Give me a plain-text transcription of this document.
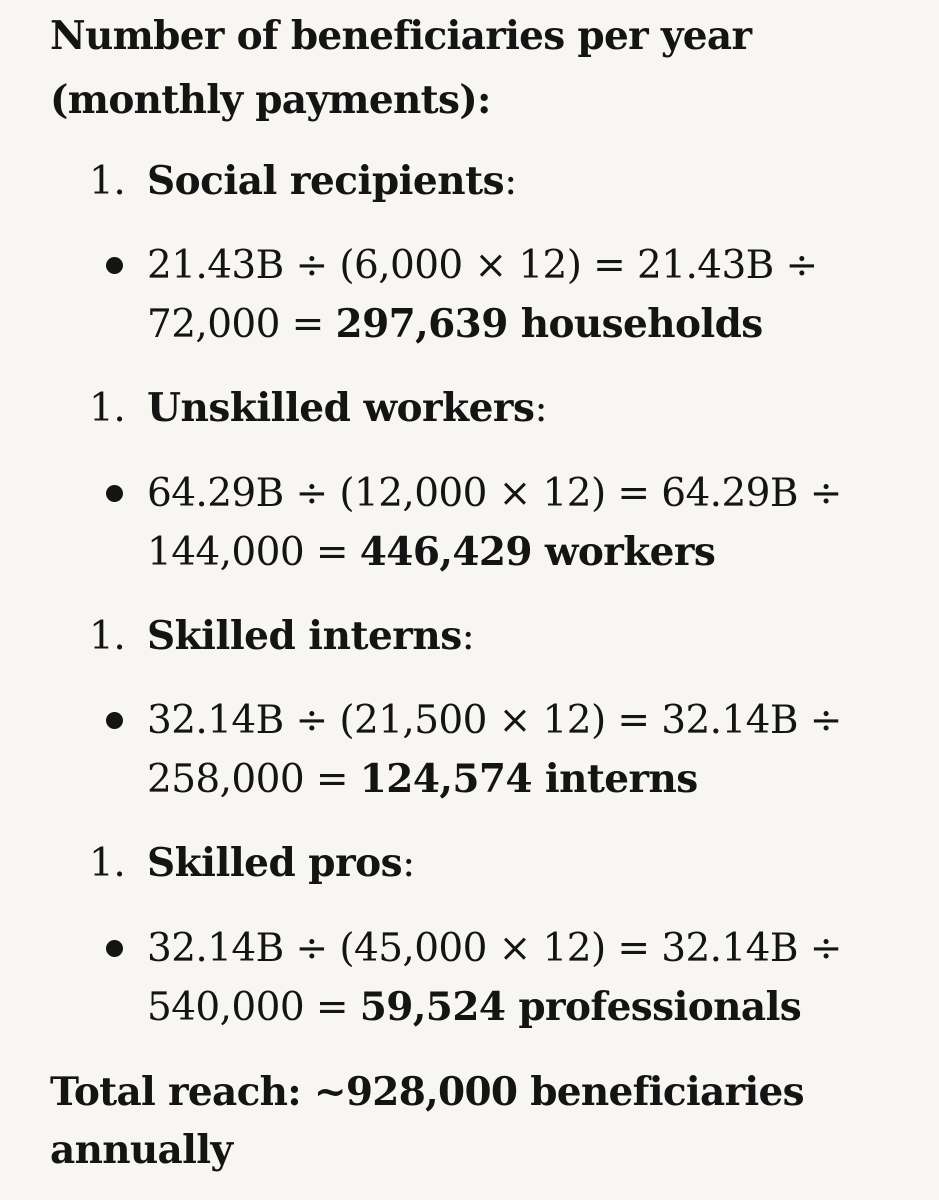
Number of beneficiaries per year (monthly payments):

1. Social recipients:

21.43B ÷ (6,000 × 12) = 21.43B ÷ 72,000 = 297,639 households

1. Unskilled workers:

64.29B ÷ (12,000 × 12) = 64.29B ÷ 144,000 = 446,429 workers

1. Skilled interns:

32.14B ÷ (21,500 × 12) = 32.14B ÷ 258,000 = 124,574 interns

1. Skilled pros:

32.14B ÷ (45,000 × 12) = 32.14B ÷ 540,000 = 59,524 professionals

Total reach: ~928,000 beneficiaries annually
